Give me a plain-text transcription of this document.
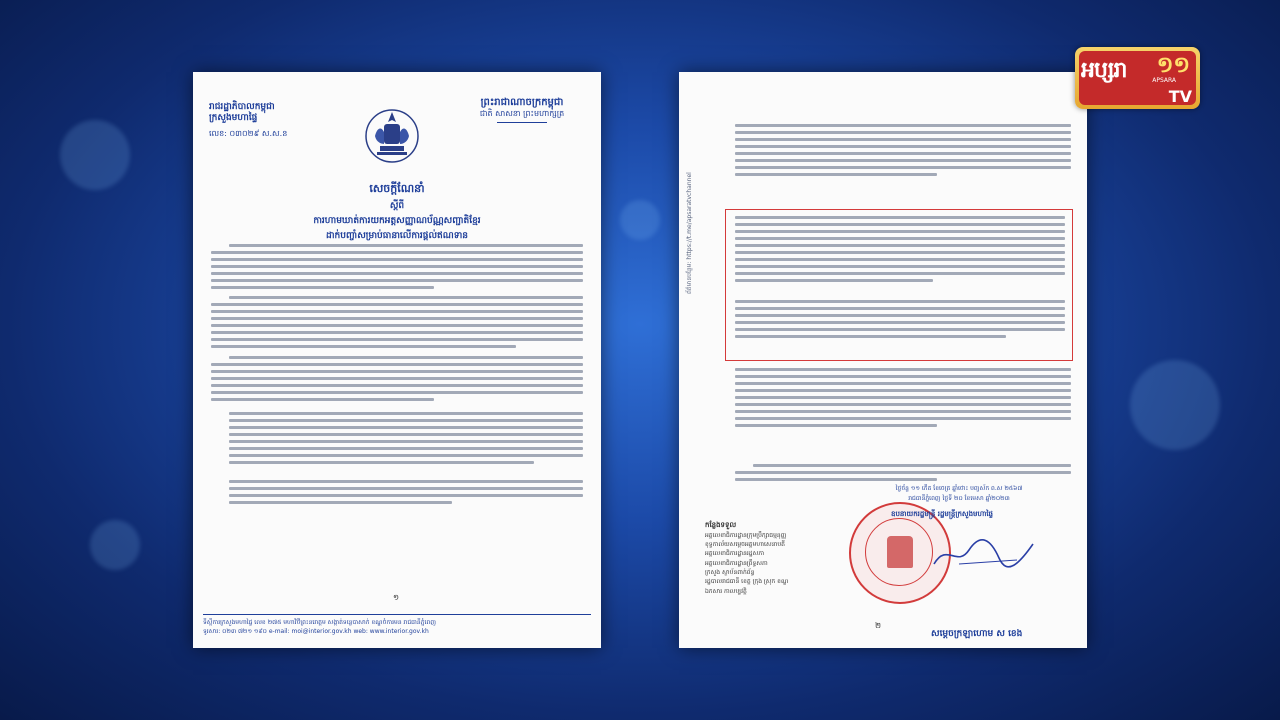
រាជរដ្ឋាភិបាលកម្ពុជា
ក្រសួងមហាផ្ទៃ
លេខ: ០៣០២៩ ស.ស.ន
ព្រះរាជាណាចក្រកម្ពុជា
ជាតិ សាសនា ព្រះមហាក្សត្រ
សេចក្តីណែនាំ
ស្តីពី
ការហាមឃាត់ការយកអត្តសញ្ញាណប័ណ្ណសញ្ជាតិខ្មែរ
ដាក់បញ្ចាំសម្រាប់ធានាលើការផ្តល់ឥណទាន
១
ទីស្តីការក្រសួងមហាផ្ទៃ លេខ ២៧៥ មហាវិថីព្រះនរោត្តម សង្កាត់ទន្លេបាសាក់ ខណ្ឌចំការមន រាជធានីភ្នំពេញ
ទូរសារ: ០២៣ ៧២១ ១៩០ e-mail: moi@interior.gov.kh web: www.interior.gov.kh
ព័ត៌មានបន្ថែម: https://t.me/apsaratvchannel
ថ្ងៃច័ន្ទ ១១ កើត ខែចេត្រ ឆ្នាំថោះ បញ្ចស័ក ព.ស ២៥៦៧
រាជធានីភ្នំពេញ ថ្ងៃទី ២០ ខែមេសា ឆ្នាំ២០២៣
ឧបនាយករដ្ឋមន្ត្រី រដ្ឋមន្ត្រីក្រសួងមហាផ្ទៃ
សម្តេចក្រឡាហោម ស ខេង
កន្លែងទទួល
អគ្គលេខាធិការដ្ឋានក្រុមប្រឹក្សាធម្មនុញ្ញ
ខុទ្ទកាល័យសម្តេចអគ្គមហាសេនាបតី
អគ្គលេខាធិការដ្ឋានរដ្ឋសភា
អគ្គលេខាធិការដ្ឋានព្រឹទ្ធសភា
ក្រសួង ស្ថាប័នពាក់ព័ន្ធ
រដ្ឋបាលរាជធានី ខេត្ត ក្រុង ស្រុក ខណ្ឌ
ឯកសារ កាលប្បវត្តិ
២
អប្សរា ១១
APSARA
TV
